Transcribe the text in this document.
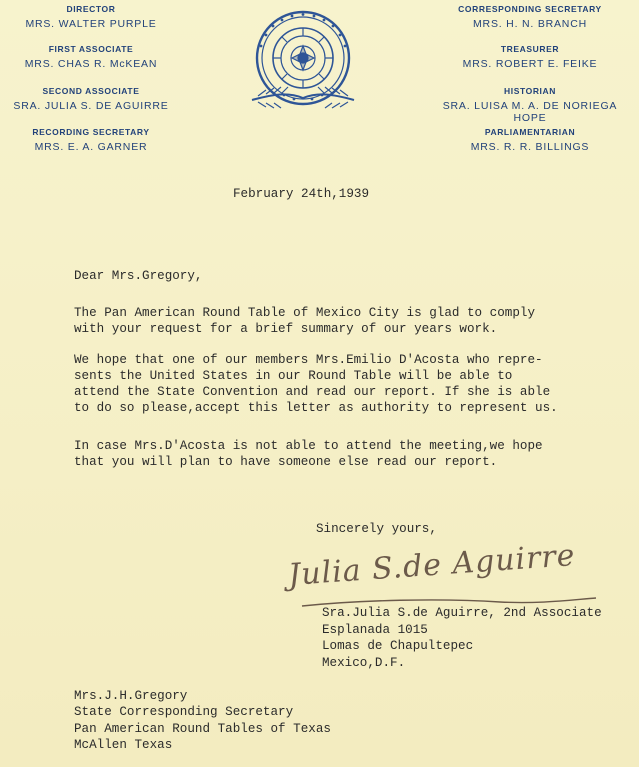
DIRECTOR
MRS. WALTER PURPLE
FIRST ASSOCIATE
MRS. CHAS R. McKEAN
SECOND ASSOCIATE
SRA. JULIA S. DE AGUIRRE
RECORDING SECRETARY
MRS. E. A. GARNER
CORRESPONDING SECRETARY
MRS. H. N. BRANCH
TREASURER
MRS. ROBERT E. FEIKE
HISTORIAN
SRA. LUISA M. A. DE NORIEGA HOPE
PARLIAMENTARIAN
MRS. R. R. BILLINGS
February 24th,1939
Dear Mrs.Gregory,
The Pan American Round Table of Mexico City is glad to comply
with your request for a brief summary of our years work.
We hope that one of our members Mrs.Emilio D'Acosta who repre-
sents the United States in our Round Table will be able to
attend the State Convention and read our report. If she is able
to do so please,accept this letter as authority to represent us.
In case Mrs.D'Acosta is not able to attend the meeting,we hope
that you will plan to have someone else read our report.
Sincerely yours,
Julia S.de Aguirre
Sra.Julia S.de Aguirre, 2nd Associate
Esplanada 1015
Lomas de Chapultepec
Mexico,D.F.
Mrs.J.H.Gregory
State Corresponding Secretary
Pan American Round Tables of Texas
McAllen Texas
